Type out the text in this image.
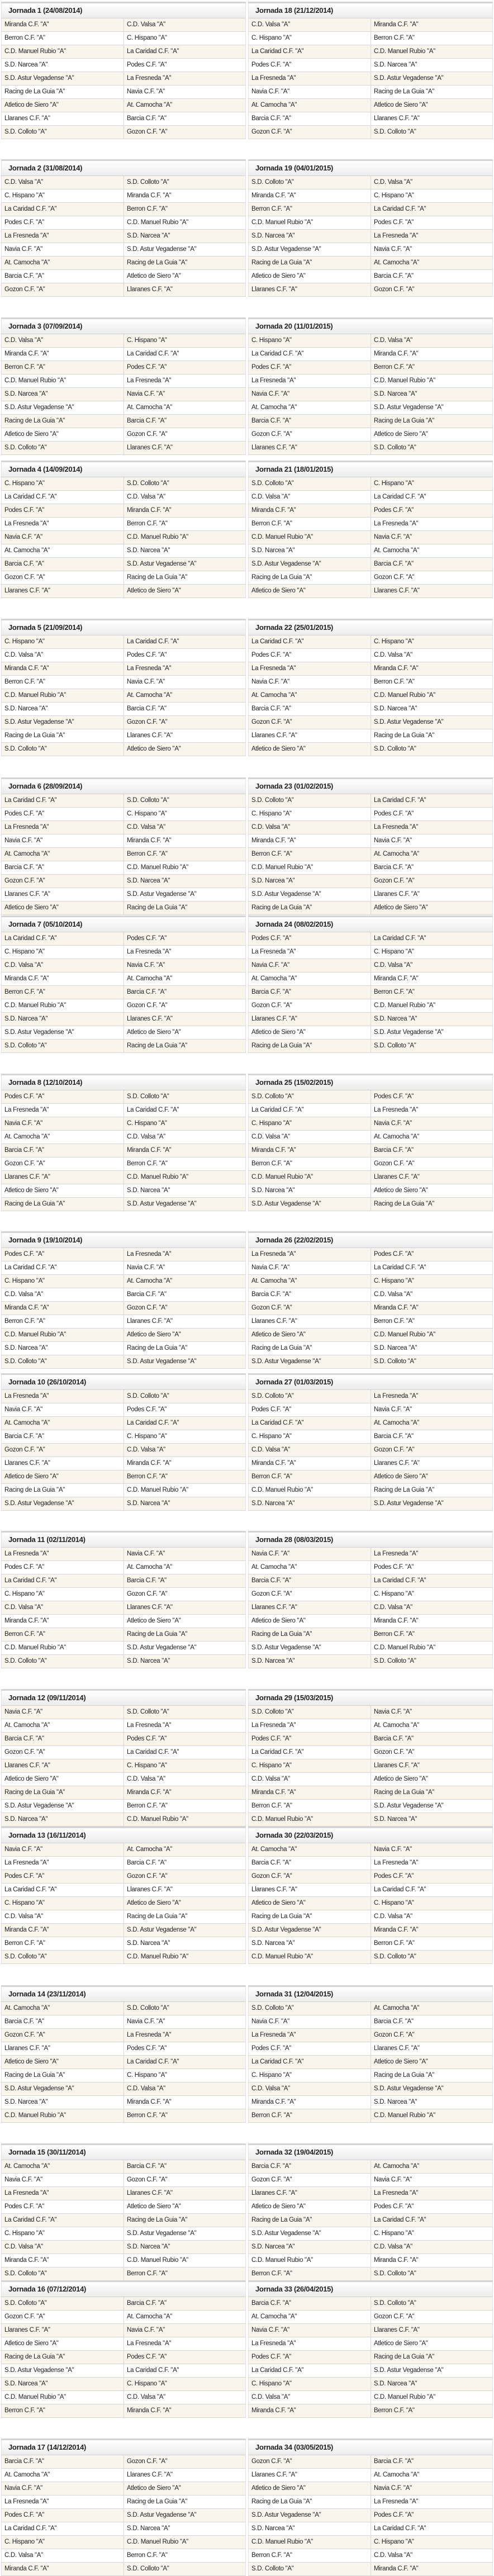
Jornada 1 (24/08/2014)
Miranda C.F. "A"	C.D. Valsa "A"
Berron C.F. "A"	C. Hispano "A"
C.D. Manuel Rubio "A"	La Caridad C.F. "A"
S.D. Narcea "A"	Podes C.F. "A"
S.D. Astur Vegadense "A"	La Fresneda "A"
Racing de La Guia "A"	Navia C.F. "A"
Atletico de Siero "A"	At. Camocha "A"
Llaranes C.F. "A"	Barcia C.F. "A"
S.D. Colloto "A"	Gozon C.F. "A"
Jornada 2 (31/08/2014)
C.D. Valsa "A"	S.D. Colloto "A"
C. Hispano "A"	Miranda C.F. "A"
La Caridad C.F. "A"	Berron C.F. "A"
Podes C.F. "A"	C.D. Manuel Rubio "A"
La Fresneda "A"	S.D. Narcea "A"
Navia C.F. "A"	S.D. Astur Vegadense "A"
At. Camocha "A"	Racing de La Guia "A"
Barcia C.F. "A"	Atletico de Siero "A"
Gozon C.F. "A"	Llaranes C.F. "A"
Jornada 3 (07/09/2014)
C.D. Valsa "A"	C. Hispano "A"
Miranda C.F. "A"	La Caridad C.F. "A"
Berron C.F. "A"	Podes C.F. "A"
C.D. Manuel Rubio "A"	La Fresneda "A"
S.D. Narcea "A"	Navia C.F. "A"
S.D. Astur Vegadense "A"	At. Camocha "A"
Racing de La Guia "A"	Barcia C.F. "A"
Atletico de Siero "A"	Gozon C.F. "A"
S.D. Colloto "A"	Llaranes C.F. "A"
Jornada 4 (14/09/2014)
C. Hispano "A"	S.D. Colloto "A"
La Caridad C.F. "A"	C.D. Valsa "A"
Podes C.F. "A"	Miranda C.F. "A"
La Fresneda "A"	Berron C.F. "A"
Navia C.F. "A"	C.D. Manuel Rubio "A"
At. Camocha "A"	S.D. Narcea "A"
Barcia C.F. "A"	S.D. Astur Vegadense "A"
Gozon C.F. "A"	Racing de La Guia "A"
Llaranes C.F. "A"	Atletico de Siero "A"
Jornada 5 (21/09/2014)
C. Hispano "A"	La Caridad C.F. "A"
C.D. Valsa "A"	Podes C.F. "A"
Miranda C.F. "A"	La Fresneda "A"
Berron C.F. "A"	Navia C.F. "A"
C.D. Manuel Rubio "A"	At. Camocha "A"
S.D. Narcea "A"	Barcia C.F. "A"
S.D. Astur Vegadense "A"	Gozon C.F. "A"
Racing de La Guia "A"	Llaranes C.F. "A"
S.D. Colloto "A"	Atletico de Siero "A"
Jornada 6 (28/09/2014)
La Caridad C.F. "A"	S.D. Colloto "A"
Podes C.F. "A"	C. Hispano "A"
La Fresneda "A"	C.D. Valsa "A"
Navia C.F. "A"	Miranda C.F. "A"
At. Camocha "A"	Berron C.F. "A"
Barcia C.F. "A"	C.D. Manuel Rubio "A"
Gozon C.F. "A"	S.D. Narcea "A"
Llaranes C.F. "A"	S.D. Astur Vegadense "A"
Atletico de Siero "A"	Racing de La Guia "A"
Jornada 7 (05/10/2014)
La Caridad C.F. "A"	Podes C.F. "A"
C. Hispano "A"	La Fresneda "A"
C.D. Valsa "A"	Navia C.F. "A"
Miranda C.F. "A"	At. Camocha "A"
Berron C.F. "A"	Barcia C.F. "A"
C.D. Manuel Rubio "A"	Gozon C.F. "A"
S.D. Narcea "A"	Llaranes C.F. "A"
S.D. Astur Vegadense "A"	Atletico de Siero "A"
S.D. Colloto "A"	Racing de La Guia "A"
Jornada 8 (12/10/2014)
Podes C.F. "A"	S.D. Colloto "A"
La Fresneda "A"	La Caridad C.F. "A"
Navia C.F. "A"	C. Hispano "A"
At. Camocha "A"	C.D. Valsa "A"
Barcia C.F. "A"	Miranda C.F. "A"
Gozon C.F. "A"	Berron C.F. "A"
Llaranes C.F. "A"	C.D. Manuel Rubio "A"
Atletico de Siero "A"	S.D. Narcea "A"
Racing de La Guia "A"	S.D. Astur Vegadense "A"
Jornada 9 (19/10/2014)
Podes C.F. "A"	La Fresneda "A"
La Caridad C.F. "A"	Navia C.F. "A"
C. Hispano "A"	At. Camocha "A"
C.D. Valsa "A"	Barcia C.F. "A"
Miranda C.F. "A"	Gozon C.F. "A"
Berron C.F. "A"	Llaranes C.F. "A"
C.D. Manuel Rubio "A"	Atletico de Siero "A"
S.D. Narcea "A"	Racing de La Guia "A"
S.D. Colloto "A"	S.D. Astur Vegadense "A"
Jornada 10 (26/10/2014)
La Fresneda "A"	S.D. Colloto "A"
Navia C.F. "A"	Podes C.F. "A"
At. Camocha "A"	La Caridad C.F. "A"
Barcia C.F. "A"	C. Hispano "A"
Gozon C.F. "A"	C.D. Valsa "A"
Llaranes C.F. "A"	Miranda C.F. "A"
Atletico de Siero "A"	Berron C.F. "A"
Racing de La Guia "A"	C.D. Manuel Rubio "A"
S.D. Astur Vegadense "A"	S.D. Narcea "A"
Jornada 11 (02/11/2014)
La Fresneda "A"	Navia C.F. "A"
Podes C.F. "A"	At. Camocha "A"
La Caridad C.F. "A"	Barcia C.F. "A"
C. Hispano "A"	Gozon C.F. "A"
C.D. Valsa "A"	Llaranes C.F. "A"
Miranda C.F. "A"	Atletico de Siero "A"
Berron C.F. "A"	Racing de La Guia "A"
C.D. Manuel Rubio "A"	S.D. Astur Vegadense "A"
S.D. Colloto "A"	S.D. Narcea "A"
Jornada 12 (09/11/2014)
Navia C.F. "A"	S.D. Colloto "A"
At. Camocha "A"	La Fresneda "A"
Barcia C.F. "A"	Podes C.F. "A"
Gozon C.F. "A"	La Caridad C.F. "A"
Llaranes C.F. "A"	C. Hispano "A"
Atletico de Siero "A"	C.D. Valsa "A"
Racing de La Guia "A"	Miranda C.F. "A"
S.D. Astur Vegadense "A"	Berron C.F. "A"
S.D. Narcea "A"	C.D. Manuel Rubio "A"
Jornada 13 (16/11/2014)
Navia C.F. "A"	At. Camocha "A"
La Fresneda "A"	Barcia C.F. "A"
Podes C.F. "A"	Gozon C.F. "A"
La Caridad C.F. "A"	Llaranes C.F. "A"
C. Hispano "A"	Atletico de Siero "A"
C.D. Valsa "A"	Racing de La Guia "A"
Miranda C.F. "A"	S.D. Astur Vegadense "A"
Berron C.F. "A"	S.D. Narcea "A"
S.D. Colloto "A"	C.D. Manuel Rubio "A"
Jornada 14 (23/11/2014)
At. Camocha "A"	S.D. Colloto "A"
Barcia C.F. "A"	Navia C.F. "A"
Gozon C.F. "A"	La Fresneda "A"
Llaranes C.F. "A"	Podes C.F. "A"
Atletico de Siero "A"	La Caridad C.F. "A"
Racing de La Guia "A"	C. Hispano "A"
S.D. Astur Vegadense "A"	C.D. Valsa "A"
S.D. Narcea "A"	Miranda C.F. "A"
C.D. Manuel Rubio "A"	Berron C.F. "A"
Jornada 15 (30/11/2014)
At. Camocha "A"	Barcia C.F. "A"
Navia C.F. "A"	Gozon C.F. "A"
La Fresneda "A"	Llaranes C.F. "A"
Podes C.F. "A"	Atletico de Siero "A"
La Caridad C.F. "A"	Racing de La Guia "A"
C. Hispano "A"	S.D. Astur Vegadense "A"
C.D. Valsa "A"	S.D. Narcea "A"
Miranda C.F. "A"	C.D. Manuel Rubio "A"
S.D. Colloto "A"	Berron C.F. "A"
Jornada 16 (07/12/2014)
S.D. Colloto "A"	Barcia C.F. "A"
Gozon C.F. "A"	At. Camocha "A"
Llaranes C.F. "A"	Navia C.F. "A"
Atletico de Siero "A"	La Fresneda "A"
Racing de La Guia "A"	Podes C.F. "A"
S.D. Astur Vegadense "A"	La Caridad C.F. "A"
S.D. Narcea "A"	C. Hispano "A"
C.D. Manuel Rubio "A"	C.D. Valsa "A"
Berron C.F. "A"	Miranda C.F. "A"
Jornada 17 (14/12/2014)
Barcia C.F. "A"	Gozon C.F. "A"
At. Camocha "A"	Llaranes C.F. "A"
Navia C.F. "A"	Atletico de Siero "A"
La Fresneda "A"	Racing de La Guia "A"
Podes C.F. "A"	S.D. Astur Vegadense "A"
La Caridad C.F. "A"	S.D. Narcea "A"
C. Hispano "A"	C.D. Manuel Rubio "A"
C.D. Valsa "A"	Berron C.F. "A"
Miranda C.F. "A"	S.D. Colloto "A"
Jornada 18 (21/12/2014)
C.D. Valsa "A"	Miranda C.F. "A"
C. Hispano "A"	Berron C.F. "A"
La Caridad C.F. "A"	C.D. Manuel Rubio "A"
Podes C.F. "A"	S.D. Narcea "A"
La Fresneda "A"	S.D. Astur Vegadense "A"
Navia C.F. "A"	Racing de La Guia "A"
At. Camocha "A"	Atletico de Siero "A"
Barcia C.F. "A"	Llaranes C.F. "A"
Gozon C.F. "A"	S.D. Colloto "A"
Jornada 19 (04/01/2015)
S.D. Colloto "A"	C.D. Valsa "A"
Miranda C.F. "A"	C. Hispano "A"
Berron C.F. "A"	La Caridad C.F. "A"
C.D. Manuel Rubio "A"	Podes C.F. "A"
S.D. Narcea "A"	La Fresneda "A"
S.D. Astur Vegadense "A"	Navia C.F. "A"
Racing de La Guia "A"	At. Camocha "A"
Atletico de Siero "A"	Barcia C.F. "A"
Llaranes C.F. "A"	Gozon C.F. "A"
Jornada 20 (11/01/2015)
C. Hispano "A"	C.D. Valsa "A"
La Caridad C.F. "A"	Miranda C.F. "A"
Podes C.F. "A"	Berron C.F. "A"
La Fresneda "A"	C.D. Manuel Rubio "A"
Navia C.F. "A"	S.D. Narcea "A"
At. Camocha "A"	S.D. Astur Vegadense "A"
Barcia C.F. "A"	Racing de La Guia "A"
Gozon C.F. "A"	Atletico de Siero "A"
Llaranes C.F. "A"	S.D. Colloto "A"
Jornada 21 (18/01/2015)
S.D. Colloto "A"	C. Hispano "A"
C.D. Valsa "A"	La Caridad C.F. "A"
Miranda C.F. "A"	Podes C.F. "A"
Berron C.F. "A"	La Fresneda "A"
C.D. Manuel Rubio "A"	Navia C.F. "A"
S.D. Narcea "A"	At. Camocha "A"
S.D. Astur Vegadense "A"	Barcia C.F. "A"
Racing de La Guia "A"	Gozon C.F. "A"
Atletico de Siero "A"	Llaranes C.F. "A"
Jornada 22 (25/01/2015)
La Caridad C.F. "A"	C. Hispano "A"
Podes C.F. "A"	C.D. Valsa "A"
La Fresneda "A"	Miranda C.F. "A"
Navia C.F. "A"	Berron C.F. "A"
At. Camocha "A"	C.D. Manuel Rubio "A"
Barcia C.F. "A"	S.D. Narcea "A"
Gozon C.F. "A"	S.D. Astur Vegadense "A"
Llaranes C.F. "A"	Racing de La Guia "A"
Atletico de Siero "A"	S.D. Colloto "A"
Jornada 23 (01/02/2015)
S.D. Colloto "A"	La Caridad C.F. "A"
C. Hispano "A"	Podes C.F. "A"
C.D. Valsa "A"	La Fresneda "A"
Miranda C.F. "A"	Navia C.F. "A"
Berron C.F. "A"	At. Camocha "A"
C.D. Manuel Rubio "A"	Barcia C.F. "A"
S.D. Narcea "A"	Gozon C.F. "A"
S.D. Astur Vegadense "A"	Llaranes C.F. "A"
Racing de La Guia "A"	Atletico de Siero "A"
Jornada 24 (08/02/2015)
Podes C.F. "A"	La Caridad C.F. "A"
La Fresneda "A"	C. Hispano "A"
Navia C.F. "A"	C.D. Valsa "A"
At. Camocha "A"	Miranda C.F. "A"
Barcia C.F. "A"	Berron C.F. "A"
Gozon C.F. "A"	C.D. Manuel Rubio "A"
Llaranes C.F. "A"	S.D. Narcea "A"
Atletico de Siero "A"	S.D. Astur Vegadense "A"
Racing de La Guia "A"	S.D. Colloto "A"
Jornada 25 (15/02/2015)
S.D. Colloto "A"	Podes C.F. "A"
La Caridad C.F. "A"	La Fresneda "A"
C. Hispano "A"	Navia C.F. "A"
C.D. Valsa "A"	At. Camocha "A"
Miranda C.F. "A"	Barcia C.F. "A"
Berron C.F. "A"	Gozon C.F. "A"
C.D. Manuel Rubio "A"	Llaranes C.F. "A"
S.D. Narcea "A"	Atletico de Siero "A"
S.D. Astur Vegadense "A"	Racing de La Guia "A"
Jornada 26 (22/02/2015)
La Fresneda "A"	Podes C.F. "A"
Navia C.F. "A"	La Caridad C.F. "A"
At. Camocha "A"	C. Hispano "A"
Barcia C.F. "A"	C.D. Valsa "A"
Gozon C.F. "A"	Miranda C.F. "A"
Llaranes C.F. "A"	Berron C.F. "A"
Atletico de Siero "A"	C.D. Manuel Rubio "A"
Racing de La Guia "A"	S.D. Narcea "A"
S.D. Astur Vegadense "A"	S.D. Colloto "A"
Jornada 27 (01/03/2015)
S.D. Colloto "A"	La Fresneda "A"
Podes C.F. "A"	Navia C.F. "A"
La Caridad C.F. "A"	At. Camocha "A"
C. Hispano "A"	Barcia C.F. "A"
C.D. Valsa "A"	Gozon C.F. "A"
Miranda C.F. "A"	Llaranes C.F. "A"
Berron C.F. "A"	Atletico de Siero "A"
C.D. Manuel Rubio "A"	Racing de La Guia "A"
S.D. Narcea "A"	S.D. Astur Vegadense "A"
Jornada 28 (08/03/2015)
Navia C.F. "A"	La Fresneda "A"
At. Camocha "A"	Podes C.F. "A"
Barcia C.F. "A"	La Caridad C.F. "A"
Gozon C.F. "A"	C. Hispano "A"
Llaranes C.F. "A"	C.D. Valsa "A"
Atletico de Siero "A"	Miranda C.F. "A"
Racing de La Guia "A"	Berron C.F. "A"
S.D. Astur Vegadense "A"	C.D. Manuel Rubio "A"
S.D. Narcea "A"	S.D. Colloto "A"
Jornada 29 (15/03/2015)
S.D. Colloto "A"	Navia C.F. "A"
La Fresneda "A"	At. Camocha "A"
Podes C.F. "A"	Barcia C.F. "A"
La Caridad C.F. "A"	Gozon C.F. "A"
C. Hispano "A"	Llaranes C.F. "A"
C.D. Valsa "A"	Atletico de Siero "A"
Miranda C.F. "A"	Racing de La Guia "A"
Berron C.F. "A"	S.D. Astur Vegadense "A"
C.D. Manuel Rubio "A"	S.D. Narcea "A"
Jornada 30 (22/03/2015)
At. Camocha "A"	Navia C.F. "A"
Barcia C.F. "A"	La Fresneda "A"
Gozon C.F. "A"	Podes C.F. "A"
Llaranes C.F. "A"	La Caridad C.F. "A"
Atletico de Siero "A"	C. Hispano "A"
Racing de La Guia "A"	C.D. Valsa "A"
S.D. Astur Vegadense "A"	Miranda C.F. "A"
S.D. Narcea "A"	Berron C.F. "A"
C.D. Manuel Rubio "A"	S.D. Colloto "A"
Jornada 31 (12/04/2015)
S.D. Colloto "A"	At. Camocha "A"
Navia C.F. "A"	Barcia C.F. "A"
La Fresneda "A"	Gozon C.F. "A"
Podes C.F. "A"	Llaranes C.F. "A"
La Caridad C.F. "A"	Atletico de Siero "A"
C. Hispano "A"	Racing de La Guia "A"
C.D. Valsa "A"	S.D. Astur Vegadense "A"
Miranda C.F. "A"	S.D. Narcea "A"
Berron C.F. "A"	C.D. Manuel Rubio "A"
Jornada 32 (19/04/2015)
Barcia C.F. "A"	At. Camocha "A"
Gozon C.F. "A"	Navia C.F. "A"
Llaranes C.F. "A"	La Fresneda "A"
Atletico de Siero "A"	Podes C.F. "A"
Racing de La Guia "A"	La Caridad C.F. "A"
S.D. Astur Vegadense "A"	C. Hispano "A"
S.D. Narcea "A"	C.D. Valsa "A"
C.D. Manuel Rubio "A"	Miranda C.F. "A"
Berron C.F. "A"	S.D. Colloto "A"
Jornada 33 (26/04/2015)
Barcia C.F. "A"	S.D. Colloto "A"
At. Camocha "A"	Gozon C.F. "A"
Navia C.F. "A"	Llaranes C.F. "A"
La Fresneda "A"	Atletico de Siero "A"
Podes C.F. "A"	Racing de La Guia "A"
La Caridad C.F. "A"	S.D. Astur Vegadense "A"
C. Hispano "A"	S.D. Narcea "A"
C.D. Valsa "A"	C.D. Manuel Rubio "A"
Miranda C.F. "A"	Berron C.F. "A"
Jornada 34 (03/05/2015)
Gozon C.F. "A"	Barcia C.F. "A"
Llaranes C.F. "A"	At. Camocha "A"
Atletico de Siero "A"	Navia C.F. "A"
Racing de La Guia "A"	La Fresneda "A"
S.D. Astur Vegadense "A"	Podes C.F. "A"
S.D. Narcea "A"	La Caridad C.F. "A"
C.D. Manuel Rubio "A"	C. Hispano "A"
Berron C.F. "A"	C.D. Valsa "A"
S.D. Colloto "A"	Miranda C.F. "A"
